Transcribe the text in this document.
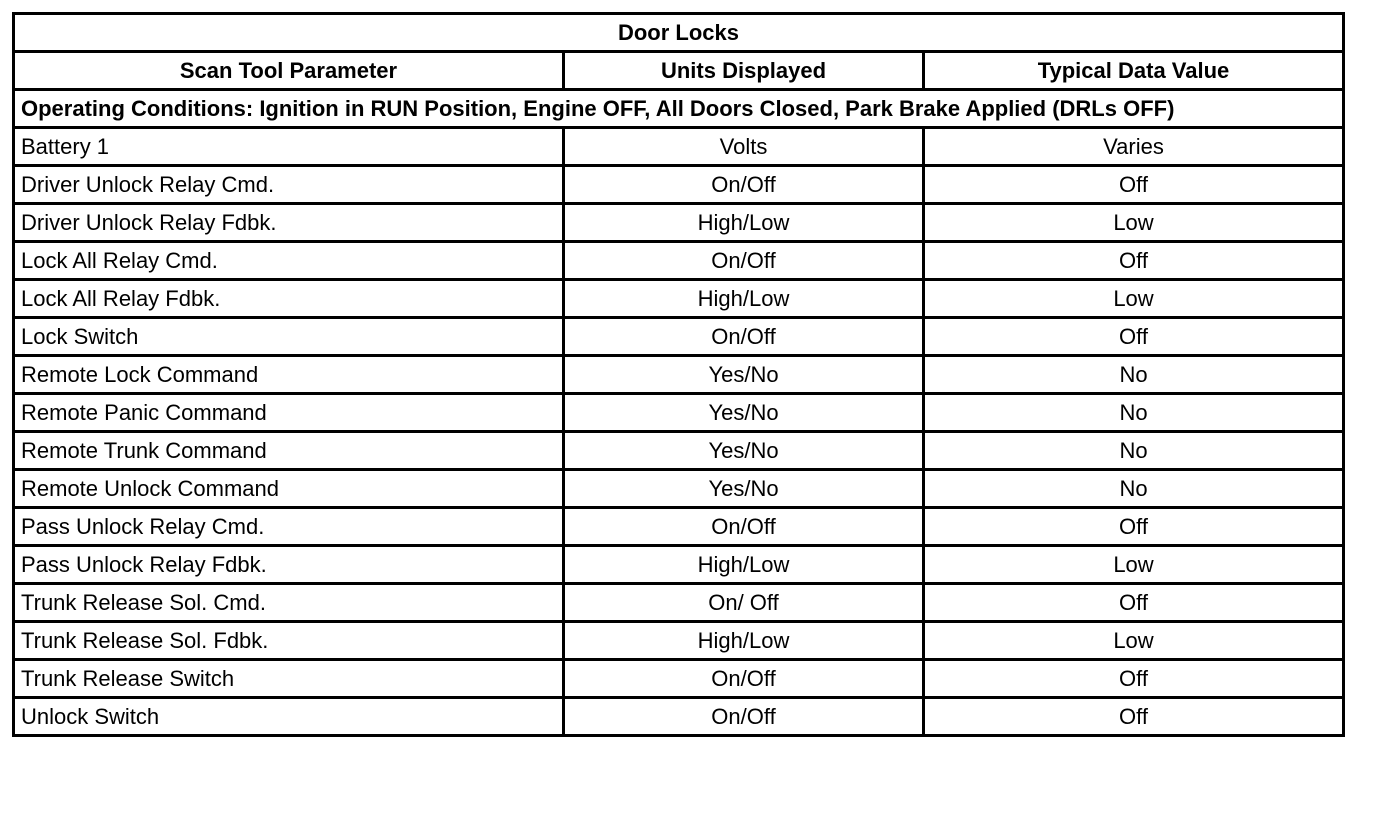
Door Locks		
Scan Tool Parameter	Units Displayed	Typical Data Value
Operating Conditions: Ignition in RUN Position, Engine OFF, All Doors Closed, Park Brake Applied (DRLs OFF)		
Battery 1	Volts	Varies
Driver Unlock Relay Cmd.	On/Off	Off
Driver Unlock Relay Fdbk.	High/Low	Low
Lock All Relay Cmd.	On/Off	Off
Lock All Relay Fdbk.	High/Low	Low
Lock Switch	On/Off	Off
Remote Lock Command	Yes/No	No
Remote Panic Command	Yes/No	No
Remote Trunk Command	Yes/No	No
Remote Unlock Command	Yes/No	No
Pass Unlock Relay Cmd.	On/Off	Off
Pass Unlock Relay Fdbk.	High/Low	Low
Trunk Release Sol. Cmd.	On/ Off	Off
Trunk Release Sol. Fdbk.	High/Low	Low
Trunk Release Switch	On/Off	Off
Unlock Switch	On/Off	Off
